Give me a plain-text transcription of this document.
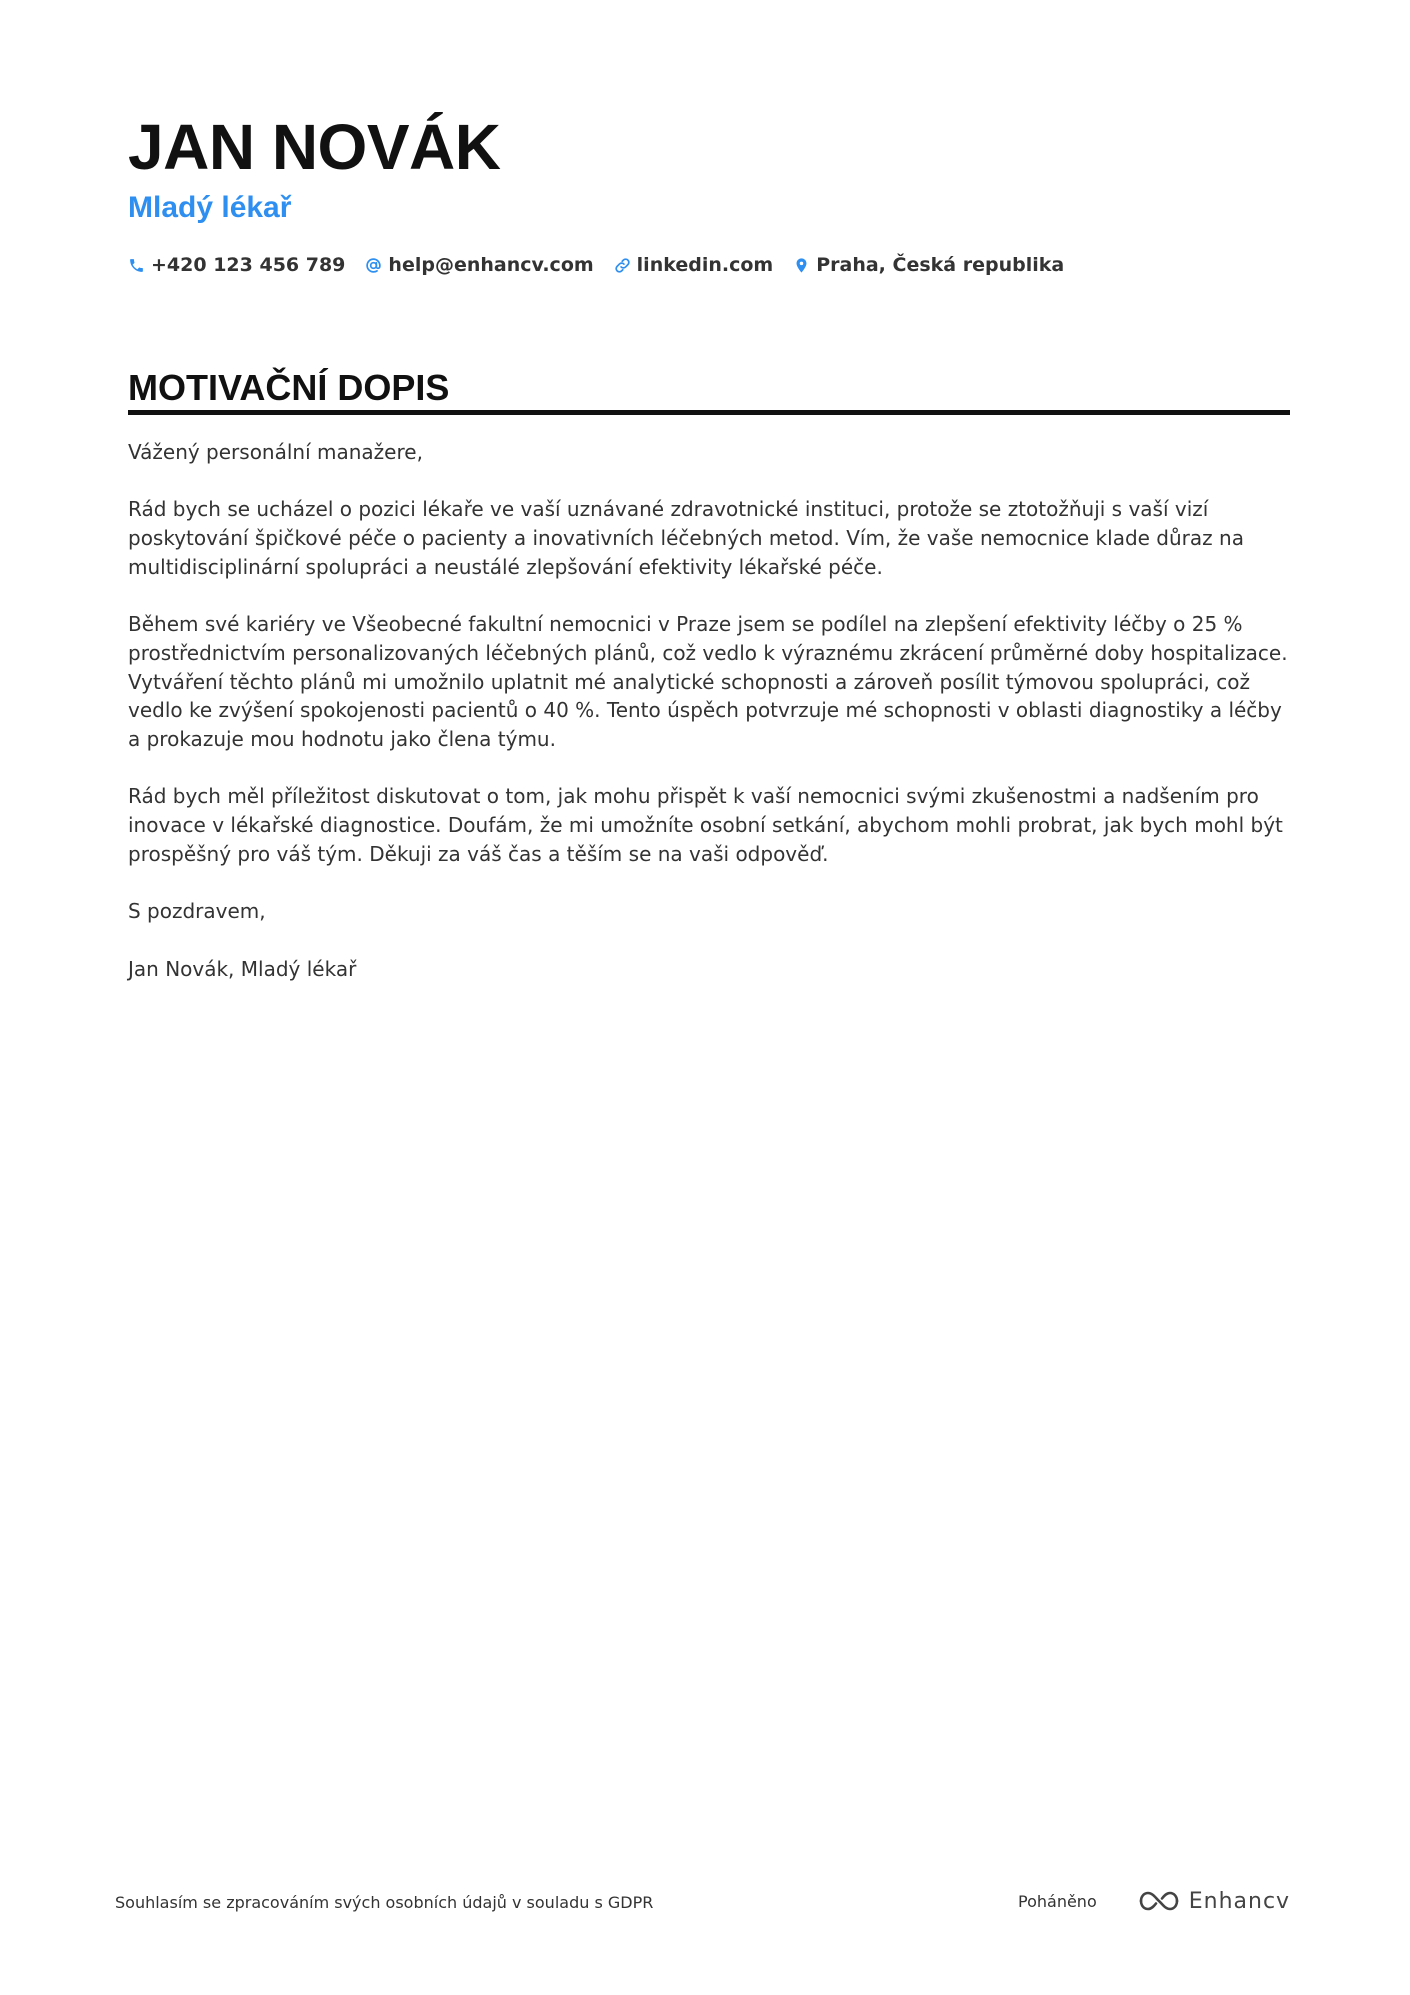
JAN NOVÁK
Mladý lékař
+420 123 456 789 help@enhancv.com linkedin.com Praha, Česká republika
MOTIVAČNÍ DOPIS

Vážený personální manažere,

Rád bych se ucházel o pozici lékaře ve vaší uznávané zdravotnické instituci, protože se ztotožňuji s vaší vizí poskytování špičkové péče o pacienty a inovativních léčebných metod. Vím, že vaše nemocnice klade důraz na multidisciplinární spolupráci a neustálé zlepšování efektivity lékařské péče.

Během své kariéry ve Všeobecné fakultní nemocnici v Praze jsem se podílel na zlepšení efektivity léčby o 25 % prostřednictvím personalizovaných léčebných plánů, což vedlo k výraznému zkrácení průměrné doby hospitalizace. Vytváření těchto plánů mi umožnilo uplatnit mé analytické schopnosti a zároveň posílit týmovou spolupráci, což vedlo ke zvýšení spokojenosti pacientů o 40 %. Tento úspěch potvrzuje mé schopnosti v oblasti diagnostiky a léčby a prokazuje mou hodnotu jako člena týmu.

Rád bych měl příležitost diskutovat o tom, jak mohu přispět k vaší nemocnici svými zkušenostmi a nadšením pro inovace v lékařské diagnostice. Doufám, že mi umožníte osobní setkání, abychom mohli probrat, jak bych mohl být prospěšný pro váš tým. Děkuji za váš čas a těším se na vaši odpověď.

S pozdravem,

Jan Novák, Mladý lékař

Souhlasím se zpracováním svých osobních údajů v souladu s GDPR	Poháněno	Enhancv
